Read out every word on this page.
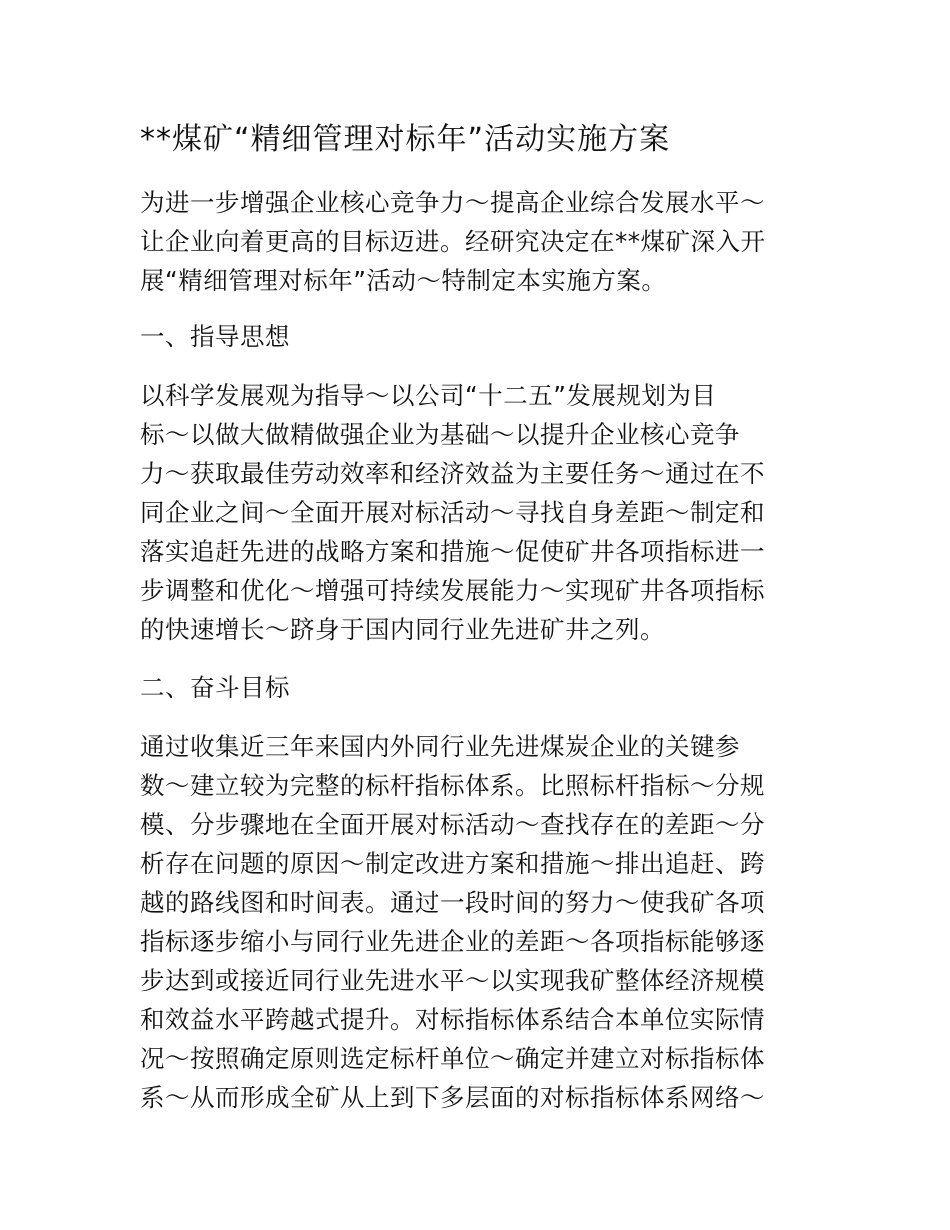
**煤矿“精细管理对标年”活动实施方案
为进一步增强企业核心竞争力～提高企业综合发展水平～
让企业向着更高的目标迈进。经研究决定在**煤矿深入开
展“精细管理对标年”活动～特制定本实施方案。
一、指导思想
以科学发展观为指导～以公司“十二五”发展规划为目
标～以做大做精做强企业为基础～以提升企业核心竞争
力～获取最佳劳动效率和经济效益为主要任务～通过在不
同企业之间～全面开展对标活动～寻找自身差距～制定和
落实追赶先进的战略方案和措施～促使矿井各项指标进一
步调整和优化～增强可持续发展能力～实现矿井各项指标
的快速增长～跻身于国内同行业先进矿井之列。
二、奋斗目标
通过收集近三年来国内外同行业先进煤炭企业的关键参
数～建立较为完整的标杆指标体系。比照标杆指标～分规
模、分步骤地在全面开展对标活动～查找存在的差距～分
析存在问题的原因～制定改进方案和措施～排出追赶、跨
越的路线图和时间表。通过一段时间的努力～使我矿各项
指标逐步缩小与同行业先进企业的差距～各项指标能够逐
步达到或接近同行业先进水平～以实现我矿整体经济规模
和效益水平跨越式提升。对标指标体系结合本单位实际情
况～按照确定原则选定标杆单位～确定并建立对标指标体
系～从而形成全矿从上到下多层面的对标指标体系网络～
